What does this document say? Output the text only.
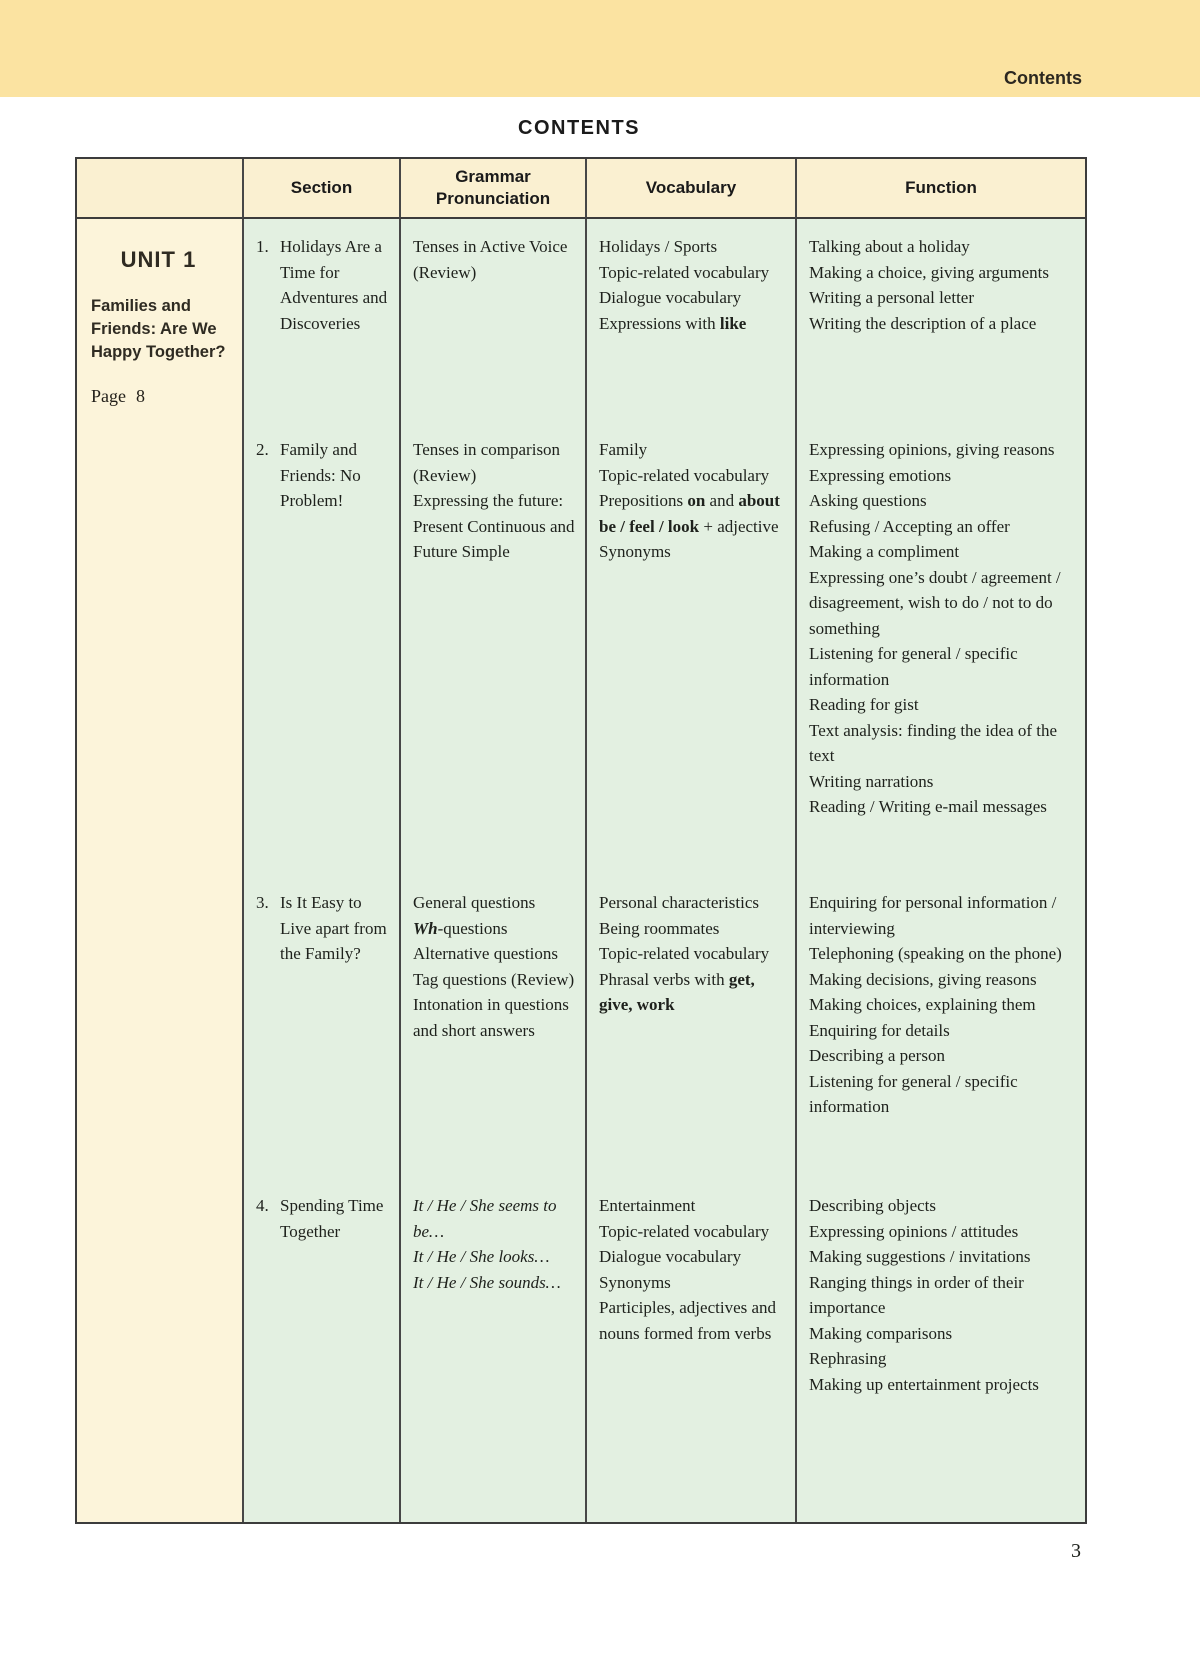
Contents
CONTENTS
Section
Grammar Pronunciation
Vocabulary	Function
UNIT 1
Families and Friends: Are We Happy Together?
Page 8
1. Holidays Are a Time for Adventures and Discoveries
Tenses in Active Voice (Review)
Holidays / Sports
Topic-related vocabulary
Dialogue vocabulary
Expressions with like
Talking about a holiday
Making a choice, giving arguments
Writing a personal letter
Writing the description of a place
2. Family and Friends: No Problem!
Tenses in comparison (Review)
Expressing the future: Present Continuous and Future Simple
Family
Topic-related vocabulary
Prepositions on and about
be / feel / look + adjective
Synonyms
Expressing opinions, giving reasons
Expressing emotions
Asking questions
Refusing / Accepting an offer
Making a compliment
Expressing one’s doubt / agreement / disagreement, wish to do / not to do something
Listening for general / specific information
Reading for gist
Text analysis: finding the idea of the text
Writing narrations
Reading / Writing e-mail messages
3. Is It Easy to Live apart from the Family?
General questions
Wh-questions
Alternative questions
Tag questions (Review)
Intonation in questions and short answers
Personal characteristics
Being roommates
Topic-related vocabulary
Phrasal verbs with get, give, work
Enquiring for personal information / interviewing
Telephoning (speaking on the phone)
Making decisions, giving reasons
Making choices, explaining them
Enquiring for details
Describing a person
Listening for general / specific information
4. Spending Time Together
It / He / She seems to be…
It / He / She looks…
It / He / She sounds…
Entertainment
Topic-related vocabulary
Dialogue vocabulary
Synonyms
Participles, adjectives and nouns formed from verbs
Describing objects
Expressing opinions / attitudes
Making suggestions / invitations
Ranging things in order of their importance
Making comparisons
Rephrasing
Making up entertainment projects
3
